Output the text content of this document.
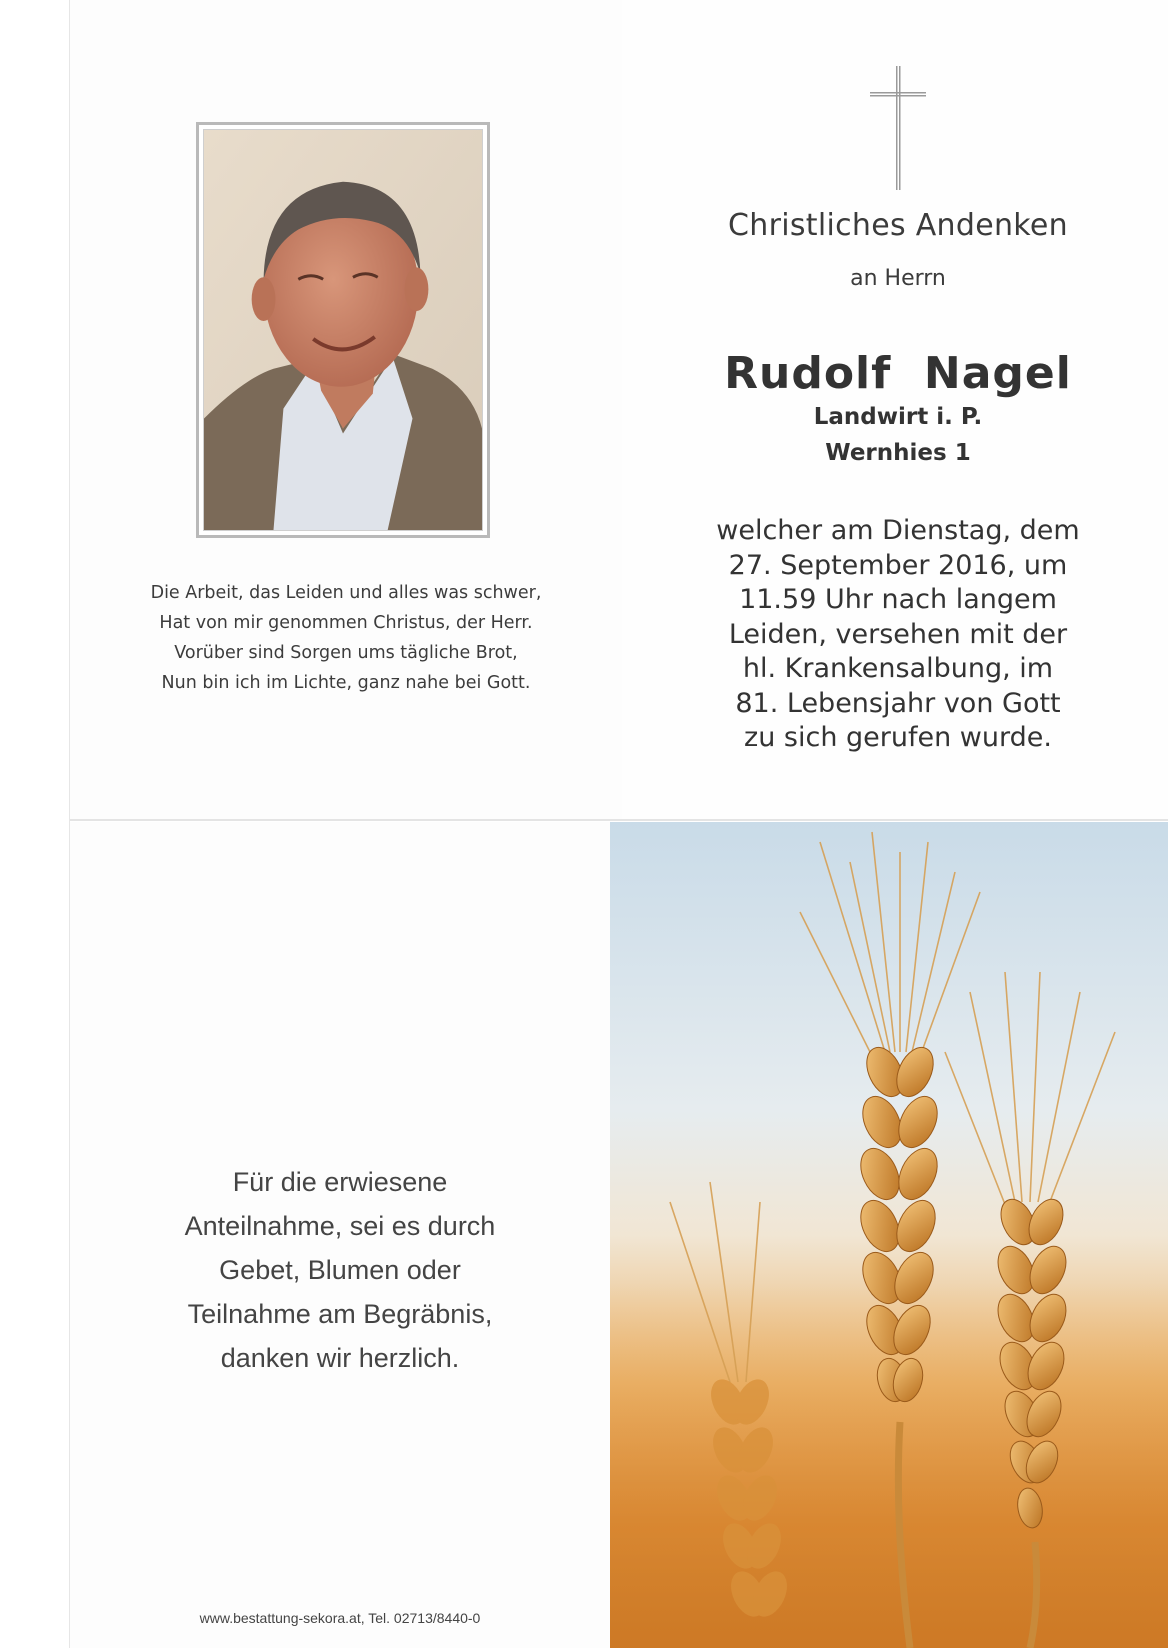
Die Arbeit, das Leiden und alles was schwer,
Hat von mir genommen Christus, der Herr.
Vorüber sind Sorgen ums tägliche Brot,
Nun bin ich im Lichte, ganz nahe bei Gott.
Christliches Andenken
an Herrn
Rudolf  Nagel
Landwirt i. P.
Wernhies 1
welcher am Dienstag, dem
27. September 2016, um
11.59 Uhr nach langem
Leiden, versehen mit der
hl. Krankensalbung, im
81. Lebensjahr von Gott
zu sich gerufen wurde.
Für die erwiesene
Anteilnahme, sei es durch
Gebet, Blumen oder
Teilnahme am Begräbnis,
danken wir herzlich.
www.bestattung-sekora.at, Tel. 02713/8440-0
